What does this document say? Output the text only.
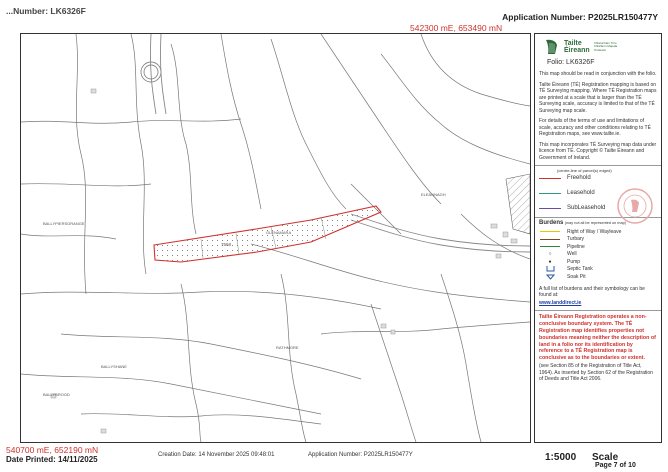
...Number: LK6326F
Application Number: P2025LR150477Y
542300 mE, 653490 mN
BALLYPIERSGRANGE
ELEANNAGH
GLENAMARA
7568
BALLYBROOD
BALLYSHANE
RATHMORE
Tailte
Éireann
Chlárúcháin Tírre Chlárlann Mapála Ordanáis
Folio: LK6326F

This map should be read in conjunction with the folio.

Tailte Éireann (TÉ) Registration mapping is based on TÉ Surveying mapping. Where TÉ Registration maps are printed at a scale that is larger than the TÉ Surveying scale, accuracy is limited to that of the TÉ Surveying map scale.

For details of the terms of use and limitations of scale, accuracy and other conditions relating to TÉ Registration maps, see www.tailte.ie.

This map incorporates TÉ Surveying map data under licence from TÉ. Copyright © Tailte Éireann and Government of Ireland.

(centre-line of parcel(s) edged)
Freehold
Leasehold
SubLeasehold
Burdens (may not all be represented on map)
Right of Way / Wayleave
Turbary
Pipeline
○	Well
●	Pump
Septic Tank
Soak Pit

A full list of burdens and their symbology can be found at:

www.landdirect.ie

Tailte Éireann Registration operates a non-conclusive boundary system. The TÉ Registration map identifies properties not boundaries meaning neither the description of land in a folio nor its identification by reference to a TÉ Registration map is conclusive as to the boundaries or extent.

(see Section 85 of the Registration of Title Act, 1964). As inserted by Section 62 of the Registration of Deeds and Title Act 2006.

540700 mE, 652190 mN
Date Printed: 14/11/2025	Creation Date: 14 November 2025 09:48:01	Application Number: P2025LR150477Y	1:5000 Scale
Page 7 of 10
